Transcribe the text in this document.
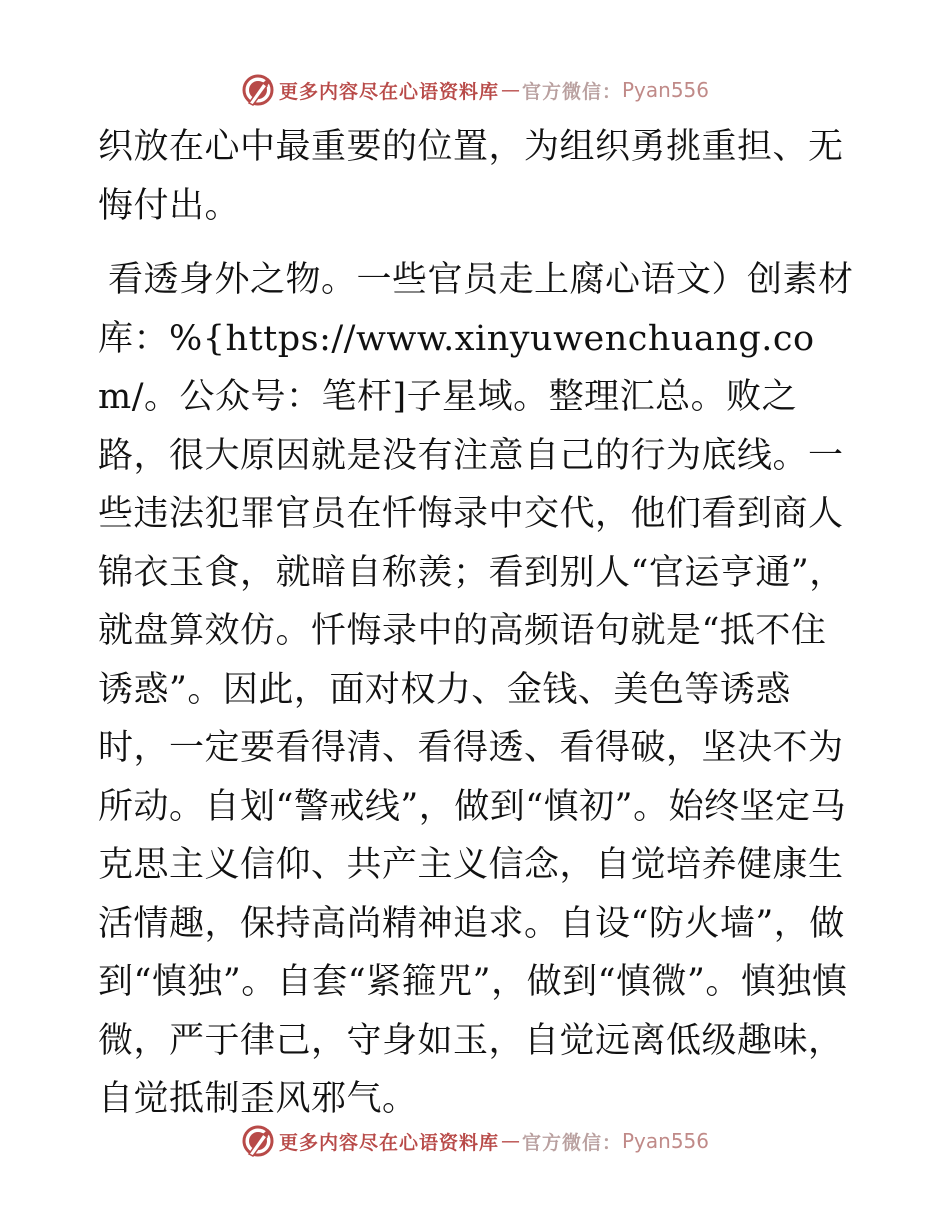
更多内容尽在心语资料库 — 官方微信： Pyan556

织放在心中最重要的位置，为组织勇挑重担、无悔付出。

看透身外之物。一些官员走上腐心语文）创素材库：%{https://www.xinyuwenchuang.com/。公众号：笔杆]子星域。整理汇总。败之路，很大原因就是没有注意自己的行为底线。一些违法犯罪官员在忏悔录中交代，他们看到商人锦衣玉食，就暗自称羡；看到别人“官运亨通”，就盘算效仿。忏悔录中的高频语句就是“抵不住诱惑”。因此，面对权力、金钱、美色等诱惑时，一定要看得清、看得透、看得破，坚决不为所动。自划“警戒线”，做到“慎初”。始终坚定马克思主义信仰、共产主义信念，自觉培养健康生活情趣，保持高尚精神追求。自设“防火墙”，做到“慎独”。自套“紧箍咒”，做到“慎微”。慎独慎微，严于律己，守身如玉，自觉远离低级趣味，自觉抵制歪风邪气。

更多内容尽在心语资料库 — 官方微信： Pyan556
